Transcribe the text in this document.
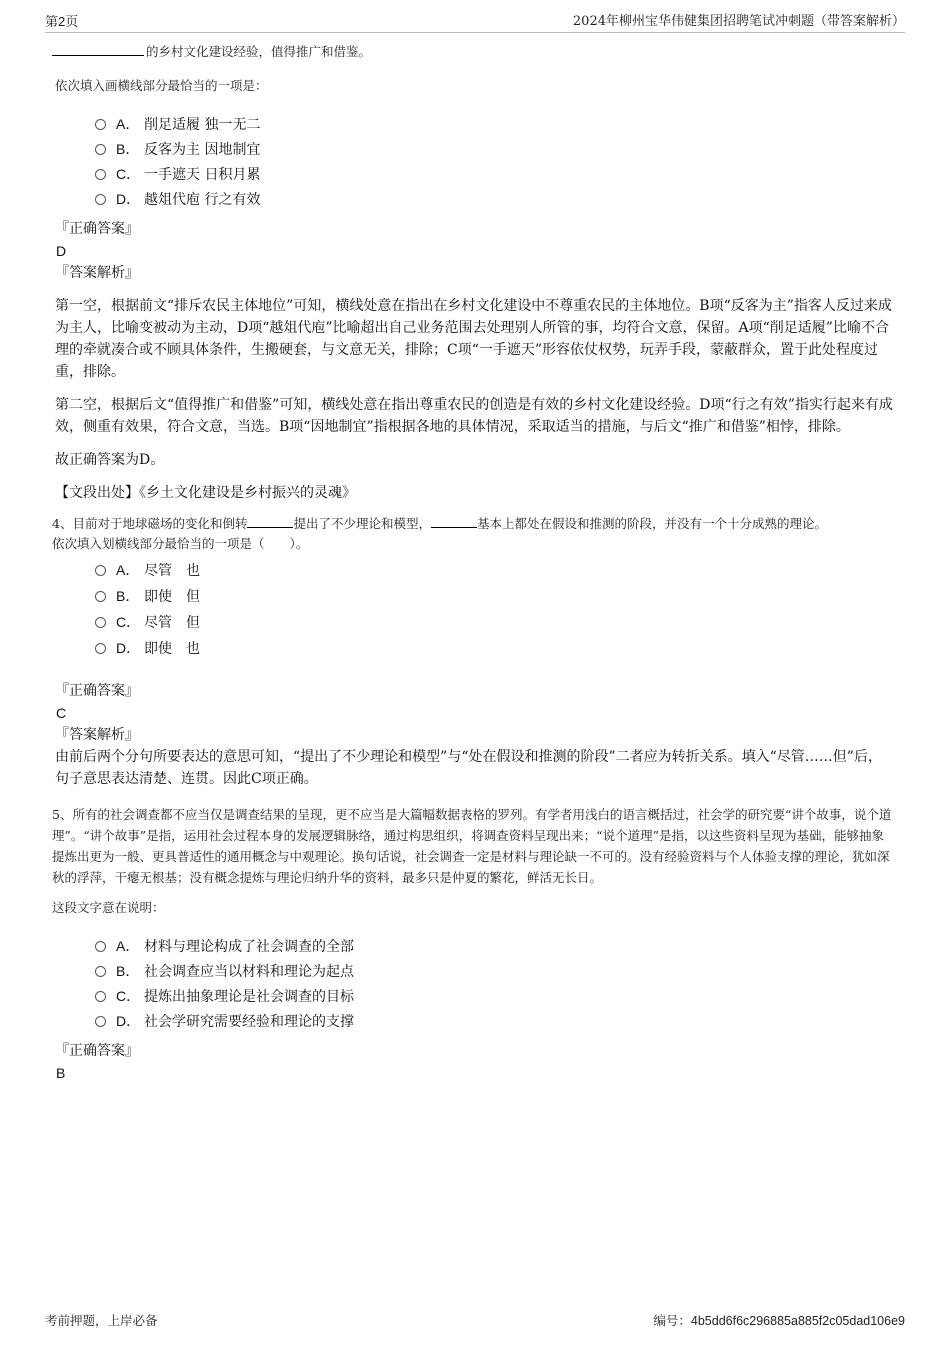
第2页	2024年柳州宝华伟健集团招聘笔试冲刺题（带答案解析）

的乡村文化建设经验，值得推广和借鉴。

依次填入画横线部分最恰当的一项是：

A． 削足适履 独一无二
B． 反客为主 因地制宜
C． 一手遮天 日积月累
D． 越俎代庖 行之有效

『正确答案』

D

『答案解析』

第一空，根据前文“排斥农民主体地位”可知，横线处意在指出在乡村文化建设中不尊重农民的主体地位。B项“反客为主”指客人反过来成为主人，比喻变被动为主动，D项“越俎代庖”比喻超出自己业务范围去处理别人所管的事，均符合文意，保留。A项“削足适履”比喻不合理的牵就凑合或不顾具体条件，生搬硬套，与文意无关，排除；C项“一手遮天”形容依仗权势，玩弄手段，蒙蔽群众，置于此处程度过重，排除。

第二空，根据后文“值得推广和借鉴”可知，横线处意在指出尊重农民的创造是有效的乡村文化建设经验。D项“行之有效”指实行起来有成效，侧重有效果，符合文意，当选。B项“因地制宜”指根据各地的具体情况，采取适当的措施，与后文“推广和借鉴”相悖，排除。

故正确答案为D。

【文段出处】《乡土文化建设是乡村振兴的灵魂》

4、目前对于地球磁场的变化和倒转	提出了不少理论和模型，	基本上都处在假设和推测的阶段，并没有一个十分成熟的理论。

依次填入划横线部分最恰当的一项是（　　）。

A． 尽管　也
B． 即使　但
C． 尽管　但
D． 即使　也

『正确答案』

C

『答案解析』

由前后两个分句所要表达的意思可知，“提出了不少理论和模型”与“处在假设和推测的阶段”二者应为转折关系。填入“尽管……但”后，句子意思表达清楚、连贯。因此C项正确。

5、所有的社会调查都不应当仅是调查结果的呈现，更不应当是大篇幅数据表格的罗列。有学者用浅白的语言概括过，社会学的研究要“讲个故事，说个道理”。“讲个故事”是指，运用社会过程本身的发展逻辑脉络，通过构思组织，将调查资料呈现出来；“说个道理”是指，以这些资料呈现为基础，能够抽象提炼出更为一般、更具普适性的通用概念与中观理论。换句话说，社会调查一定是材料与理论缺一不可的。没有经验资料与个人体验支撑的理论，犹如深秋的浮萍，干瘪无根基；没有概念提炼与理论归纳升华的资料，最多只是仲夏的繁花，鲜活无长日。

这段文字意在说明：

A． 材料与理论构成了社会调查的全部
B． 社会调查应当以材料和理论为起点
C． 提炼出抽象理论是社会调查的目标
D． 社会学研究需要经验和理论的支撑

『正确答案』

B

考前押题，上岸必备	编号：4b5dd6f6c296885a885f2c05dad106e9
